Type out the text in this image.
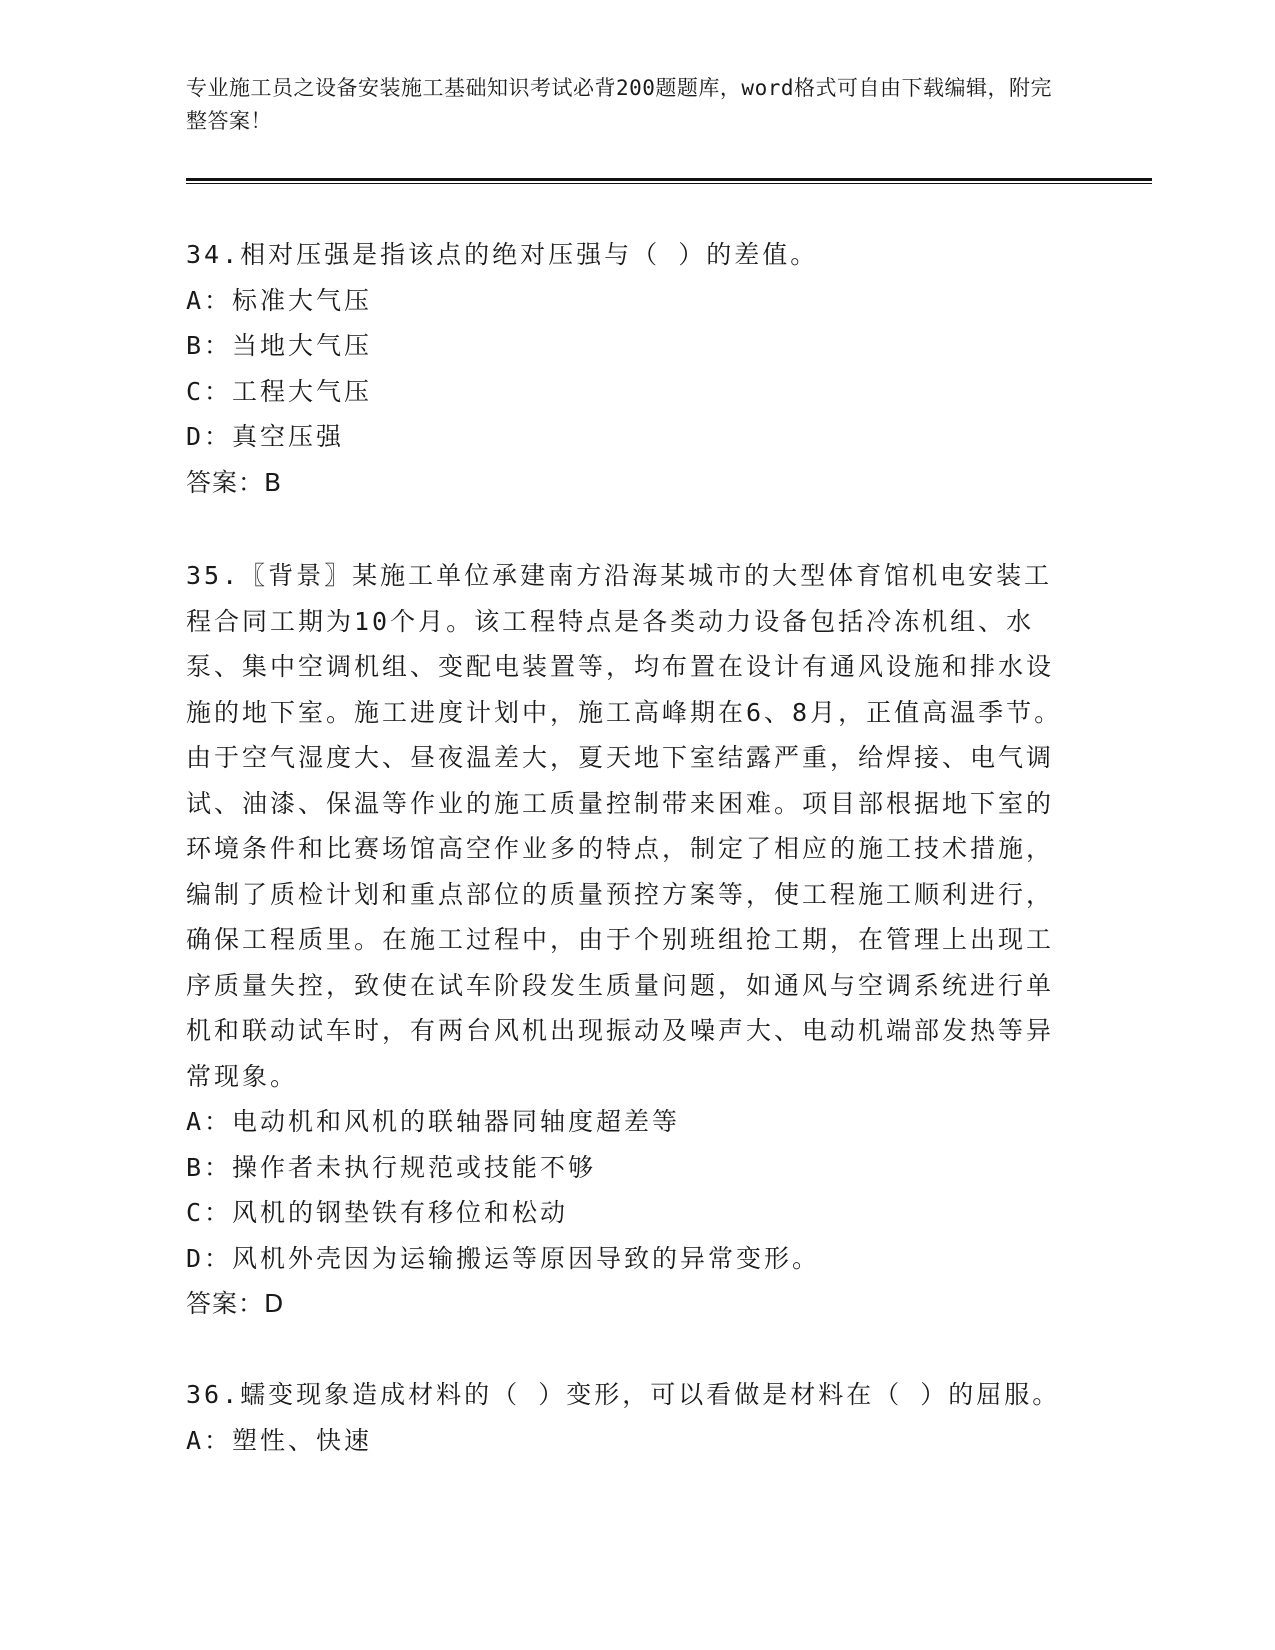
专业施工员之设备安装施工基础知识考试必背200题题库，word格式可自由下载编辑，附完整答案！

34.相对压强是指该点的绝对压强与（ ）的差值。

A：标准大气压

B：当地大气压

C：工程大气压

D：真空压强

答案：B

35.〖背景〗某施工单位承建南方沿海某城市的大型体育馆机电安装工程合同工期为10个月。该工程特点是各类动力设备包括冷冻机组、水泵、集中空调机组、变配电装置等，均布置在设计有通风设施和排水设施的地下室。施工进度计划中，施工高峰期在6、8月，正值高温季节。由于空气湿度大、昼夜温差大，夏天地下室结露严重，给焊接、电气调试、油漆、保温等作业的施工质量控制带来困难。项目部根据地下室的环境条件和比赛场馆高空作业多的特点，制定了相应的施工技术措施，编制了质检计划和重点部位的质量预控方案等，使工程施工顺利进行，确保工程质里。在施工过程中，由于个别班组抢工期，在管理上出现工序质量失控，致使在试车阶段发生质量问题，如通风与空调系统进行单机和联动试车时，有两台风机出现振动及噪声大、电动机端部发热等异常现象。

A：电动机和风机的联轴器同轴度超差等

B：操作者未执行规范或技能不够

C：风机的钢垫铁有移位和松动

D：风机外壳因为运输搬运等原因导致的异常变形。

答案：D

36.蠕变现象造成材料的（ ）变形，可以看做是材料在（ ）的屈服。

A：塑性、快速
